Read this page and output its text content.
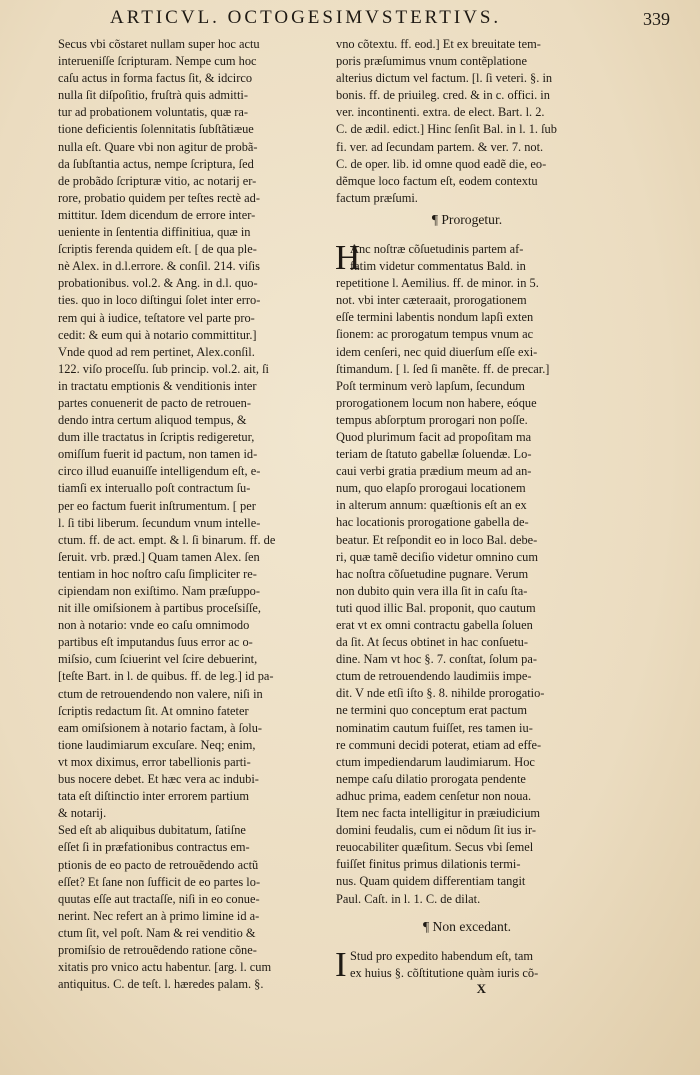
ARTICVL. OCTOGESIMVSTERTIVS.	339
Secus vbi cõstaret nullam super hoc actu
interueniſſe ſcripturam. Nempe cum hoc
caſu actus in forma factus ſit, & idcirco
nulla ſit diſpoſitio, fruſtrà quis admitti-
tur ad probationem voluntatis, quæ ra-
tione deficientis ſolennitatis ſubſtãtiæue
nulla eſt. Quare vbi non agitur de probã-
da ſubſtantia actus, nempe ſcriptura, ſed
de probãdo ſcripturæ vitio, ac notarij er-
rore, probatio quidem per teſtes rectè ad-
mittitur. Idem dicendum de errore inter-
ueniente in ſententia diffinitiua, quæ in
ſcriptis ferenda quidem eſt. [ de qua ple-
nè Alex. in d.l.errore. & conſil. 214. viſis
probationibus. vol.2. & Ang. in d.l. quo-
ties. quo in loco diſtingui ſolet inter erro-
rem qui à iudice, teſtatore vel parte pro-
cedit: & eum qui à notario committitur.]
Vnde quod ad rem pertinet, Alex.conſil.
122. viſo proceſſu. ſub princip. vol.2. ait, ſi
in tractatu emptionis & venditionis inter
partes conuenerit de pacto de retrouen-
dendo intra certum aliquod tempus, &
dum ille tractatus in ſcriptis redigeretur,
omiſſum fuerit id pactum, non tamen id-
circo illud euanuiſſe intelligendum eſt, e-
tiamſi ex interuallo poſt contractum ſu-
per eo factum fuerit inſtrumentum. [ per
l. ſi tibi liberum. ſecundum vnum intelle-
ctum. ff. de act. empt. & l. ſi binarum. ff. de
ſeruit. vrb. præd.] Quam tamen Alex. ſen
tentiam in hoc noſtro caſu ſimpliciter re-
cipiendam non exiſtimo. Nam præſuppo-
nit ille omiſsionem à partibus proceſsiſſe,
non à notario: vnde eo caſu omnimodo
partibus eſt imputandus ſuus error ac o-
miſsio, cum ſciuerint vel ſcire debuerint,
[teſte Bart. in l. de quibus. ff. de leg.] id pa-
ctum de retrouendendo non valere, niſi in
ſcriptis redactum ſit. At omnino fateter
eam omiſsionem à notario factam, à ſolu-
tione laudimiarum excuſare. Neq; enim,
vt mox diximus, error tabellionis parti-
bus nocere debet. Et hæc vera ac indubi-
tata eſt diſtinctio inter errorem partium
& notarij.
Sed eſt ab aliquibus dubitatum, ſatiſne
eſſet ſi in præfationibus contractus em-
ptionis de eo pacto de retrouẽdendo actũ
eſſet? Et ſane non ſufficit de eo partes lo-
quutas eſſe aut tractaſſe, niſi in eo conue-
nerint. Nec refert an à primo limine id a-
ctum ſit, vel poſt. Nam & rei venditio &
promiſsio de retrouẽdendo ratione cõne-
xitatis pro vnico actu habentur. [arg. l. cum
antiquitus. C. de teſt. l. hæredes palam. §.
vno cõtextu. ff. eod.] Et ex breuitate tem-
poris præſumimus vnum contẽplatione
alterius dictum vel factum. [l. ſi veteri. §. in
bonis. ff. de priuileg. cred. & in c. offici. in
ver. incontinenti. extra. de elect. Bart. l. 2.
C. de ædil. edict.] Hinc ſenſit Bal. in l. 1. ſub
fi. ver. ad ſecundam partem. & ver. 7. not.
C. de oper. lib. id omne quod eadẽ die, eo-
dẽmque loco factum eſt, eodem contextu
factum præſumi.
¶ Prorogetur.
H
Anc noſtræ cõſuetudinis partem af-
fatim videtur commentatus Bald. in
repetitione l. Aemilius. ff. de minor. in 5.
not. vbi inter cæteraait, prorogationem
eſſe termini labentis nondum lapſi exten
ſionem: ac prorogatum tempus vnum ac
idem cenſeri, nec quid diuerſum eſſe exi-
ſtimandum. [ l. ſed ſi manẽte. ff. de precar.]
Poſt terminum verò lapſum, ſecundum
prorogationem locum non habere, eóque
tempus abſorptum prorogari non poſſe.
Quod plurimum facit ad propoſitam ma
teriam de ſtatuto gabellæ ſoluendæ. Lo-
caui verbi gratia prædium meum ad an-
num, quo elapſo prorogaui locationem
in alterum annum: quæſtionis eſt an ex
hac locationis prorogatione gabella de-
beatur. Et reſpondit eo in loco Bal. debe-
ri, quæ tamẽ deciſio videtur omnino cum
hac noſtra cõſuetudine pugnare. Verum
non dubito quin vera illa ſit in caſu ſta-
tuti quod illic Bal. proponit, quo cautum
erat vt ex omni contractu gabella ſoluen
da ſit. At ſecus obtinet in hac conſuetu-
dine. Nam vt hoc §. 7. conſtat, ſolum pa-
ctum de retrouendendo laudimiis impe-
dit. V nde etſi iſto §. 8. nihilde prorogatio-
ne termini quo conceptum erat pactum
nominatim cautum fuiſſet, res tamen iu-
re communi decidi poterat, etiam ad effe-
ctum impediendarum laudimiarum. Hoc
nempe caſu dilatio prorogata pendente
adhuc prima, eadem cenſetur non noua.
Item nec facta intelligitur in præiudicium
domini feudalis, cum ei nõdum ſit ius ir-
reuocabiliter quæſitum. Secus vbi ſemel
fuiſſet finitus primus dilationis termi-
nus. Quam quidem differentiam tangit
Paul. Caſt. in l. 1. C. de dilat.
¶ Non excedant.
I Stud pro expedito habendum eſt, tam
ex huius §. cõſtitutione quàm iuris cõ-
X
